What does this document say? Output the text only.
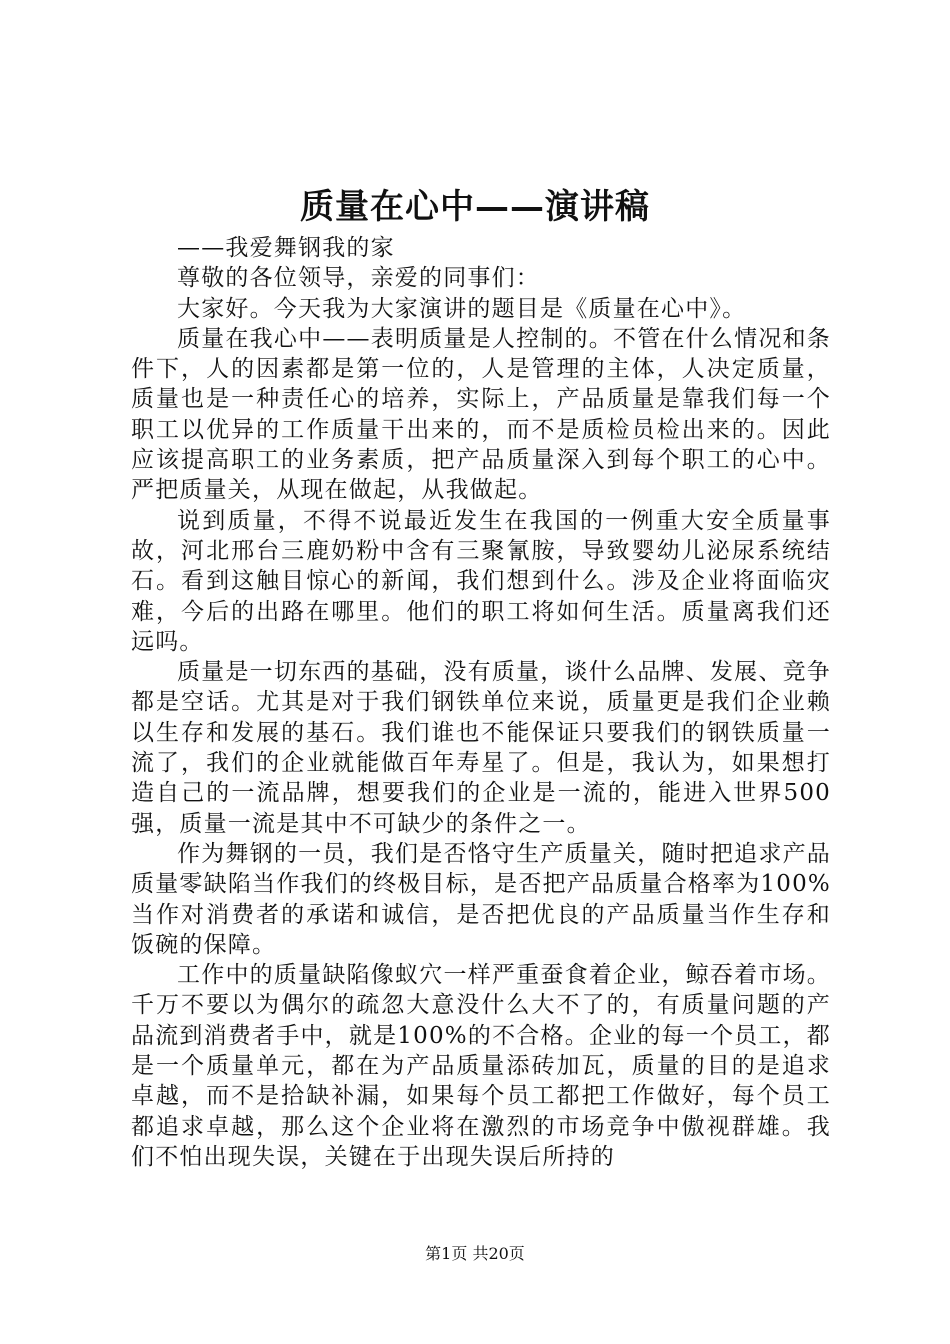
质量在心中——演讲稿

——我爱舞钢我的家

尊敬的各位领导，亲爱的同事们：

大家好。今天我为大家演讲的题目是《质量在心中》。

质量在我心中——表明质量是人控制的。不管在什么情况和条件下，人的因素都是第一位的，人是管理的主体，人决定质量，质量也是一种责任心的培养，实际上，产品质量是靠我们每一个职工以优异的工作质量干出来的，而不是质检员检出来的。因此应该提高职工的业务素质，把产品质量深入到每个职工的心中。严把质量关，从现在做起，从我做起。

说到质量，不得不说最近发生在我国的一例重大安全质量事故，河北邢台三鹿奶粉中含有三聚氰胺，导致婴幼儿泌尿系统结石。看到这触目惊心的新闻，我们想到什么。涉及企业将面临灾难，今后的出路在哪里。他们的职工将如何生活。质量离我们还远吗。

质量是一切东西的基础，没有质量，谈什么品牌、发展、竞争都是空话。尤其是对于我们钢铁单位来说，质量更是我们企业赖以生存和发展的基石。我们谁也不能保证只要我们的钢铁质量一流了，我们的企业就能做百年寿星了。但是，我认为，如果想打造自己的一流品牌，想要我们的企业是一流的，能进入世界500强，质量一流是其中不可缺少的条件之一。

作为舞钢的一员，我们是否恪守生产质量关，随时把追求产品质量零缺陷当作我们的终极目标，是否把产品质量合格率为100%当作对消费者的承诺和诚信，是否把优良的产品质量当作生存和饭碗的保障。

工作中的质量缺陷像蚁穴一样严重蚕食着企业，鲸吞着市场。千万不要以为偶尔的疏忽大意没什么大不了的，有质量问题的产品流到消费者手中，就是100%的不合格。企业的每一个员工，都是一个质量单元，都在为产品质量添砖加瓦，质量的目的是追求卓越，而不是拾缺补漏，如果每个员工都把工作做好，每个员工都追求卓越，那么这个企业将在激烈的市场竞争中傲视群雄。我们不怕出现失误，关键在于出现失误后所持的

第1页 共20页
